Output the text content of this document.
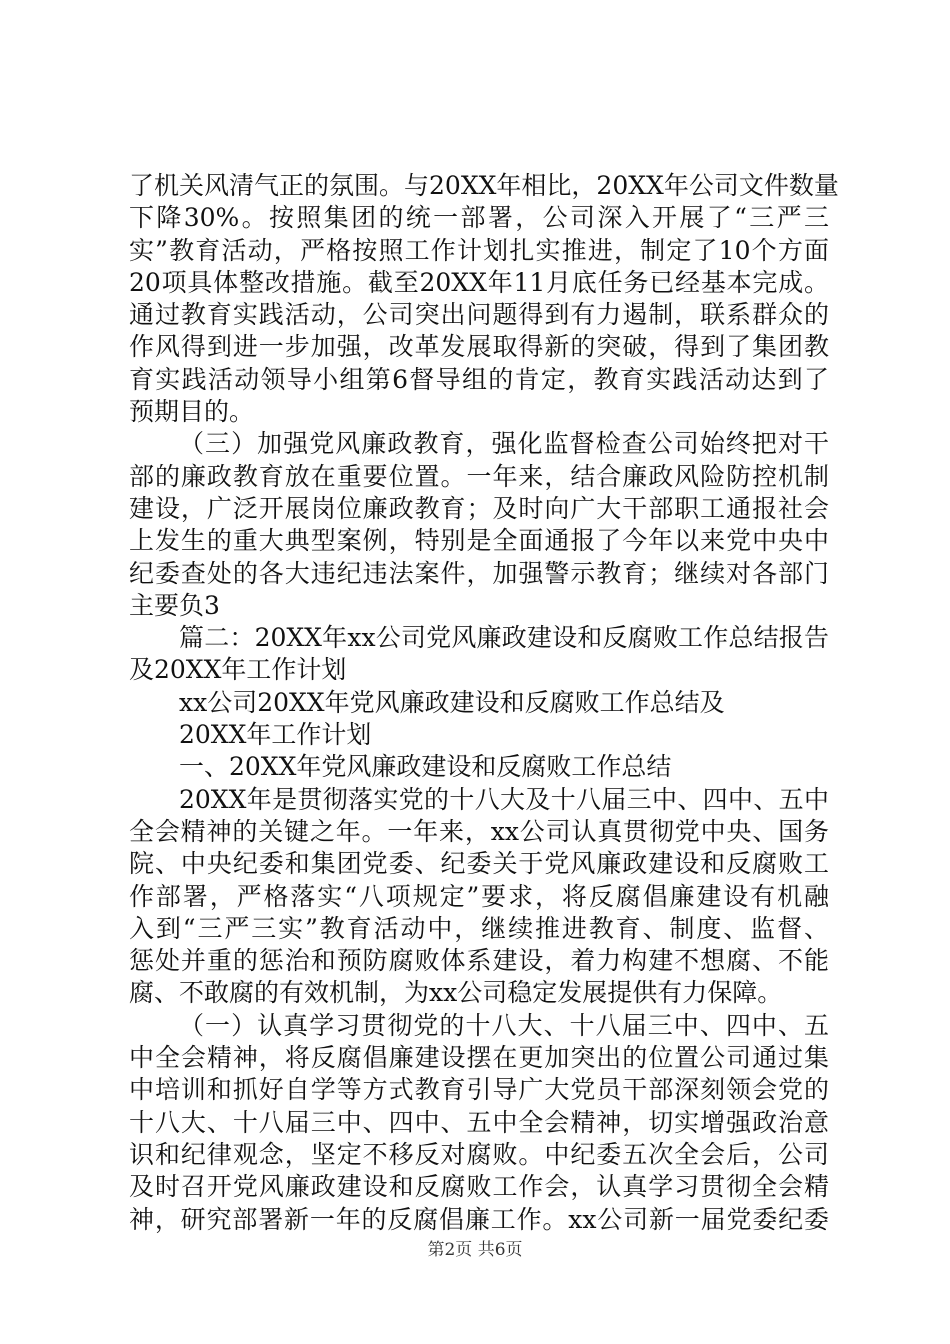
了机关风清气正的氛围。与20XX年相比，20XX年公司文件数量
下降30%。按照集团的统一部署，公司深入开展了“三严三
实”教育活动，严格按照工作计划扎实推进，制定了10个方面
20项具体整改措施。截至20XX年11月底任务已经基本完成。
通过教育实践活动，公司突出问题得到有力遏制，联系群众的
作风得到进一步加强，改革发展取得新的突破，得到了集团教
育实践活动领导小组第6督导组的肯定，教育实践活动达到了
预期目的。
（三）加强党风廉政教育，强化监督检查公司始终把对干
部的廉政教育放在重要位置。一年来，结合廉政风险防控机制
建设，广泛开展岗位廉政教育；及时向广大干部职工通报社会
上发生的重大典型案例，特别是全面通报了今年以来党中央中
纪委查处的各大违纪违法案件，加强警示教育；继续对各部门
主要负3
篇二：20XX年xx公司党风廉政建设和反腐败工作总结报告
及20XX年工作计划
xx公司20XX年党风廉政建设和反腐败工作总结及
20XX年工作计划
一、20XX年党风廉政建设和反腐败工作总结
20XX年是贯彻落实党的十八大及十八届三中、四中、五中
全会精神的关键之年。一年来，xx公司认真贯彻党中央、国务
院、中央纪委和集团党委、纪委关于党风廉政建设和反腐败工
作部署，严格落实“八项规定”要求，将反腐倡廉建设有机融
入到“三严三实”教育活动中，继续推进教育、制度、监督、
惩处并重的惩治和预防腐败体系建设，着力构建不想腐、不能
腐、不敢腐的有效机制，为xx公司稳定发展提供有力保障。
（一）认真学习贯彻党的十八大、十八届三中、四中、五
中全会精神，将反腐倡廉建设摆在更加突出的位置公司通过集
中培训和抓好自学等方式教育引导广大党员干部深刻领会党的
十八大、十八届三中、四中、五中全会精神，切实增强政治意
识和纪律观念，坚定不移反对腐败。中纪委五次全会后，公司
及时召开党风廉政建设和反腐败工作会，认真学习贯彻全会精
神，研究部署新一年的反腐倡廉工作。xx公司新一届党委纪委
第2页 共6页
